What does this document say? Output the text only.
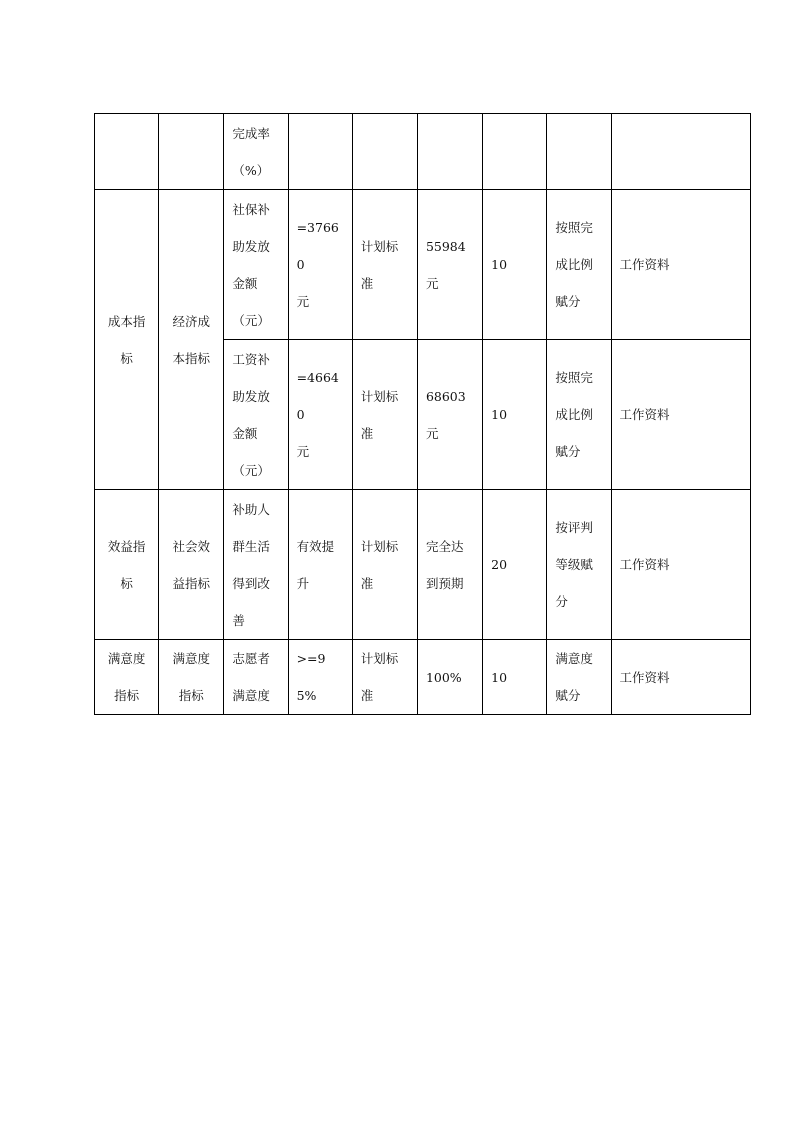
		完成率
（%）						

成本指
标	经济成
本指标	社保补
助发放
金额
（元）	=37660
元	计划标
准	55984 元	10	按照完
成比例
赋分	工作资料

		工资补
助发放
金额
（元）	=46640
元	计划标
准	68603 元	10	按照完
成比例
赋分	工作资料

效益指
标	社会效
益指标	补助人
群生活
得到改
善	有效提
升	计划标
准	完全达
到预期	20	按评判
等级赋
分	工作资料

满意度
指标	满意度
指标	志愿者
满意度	>=95%	计划标
准	100%	10	满意度
赋分	工作资料
